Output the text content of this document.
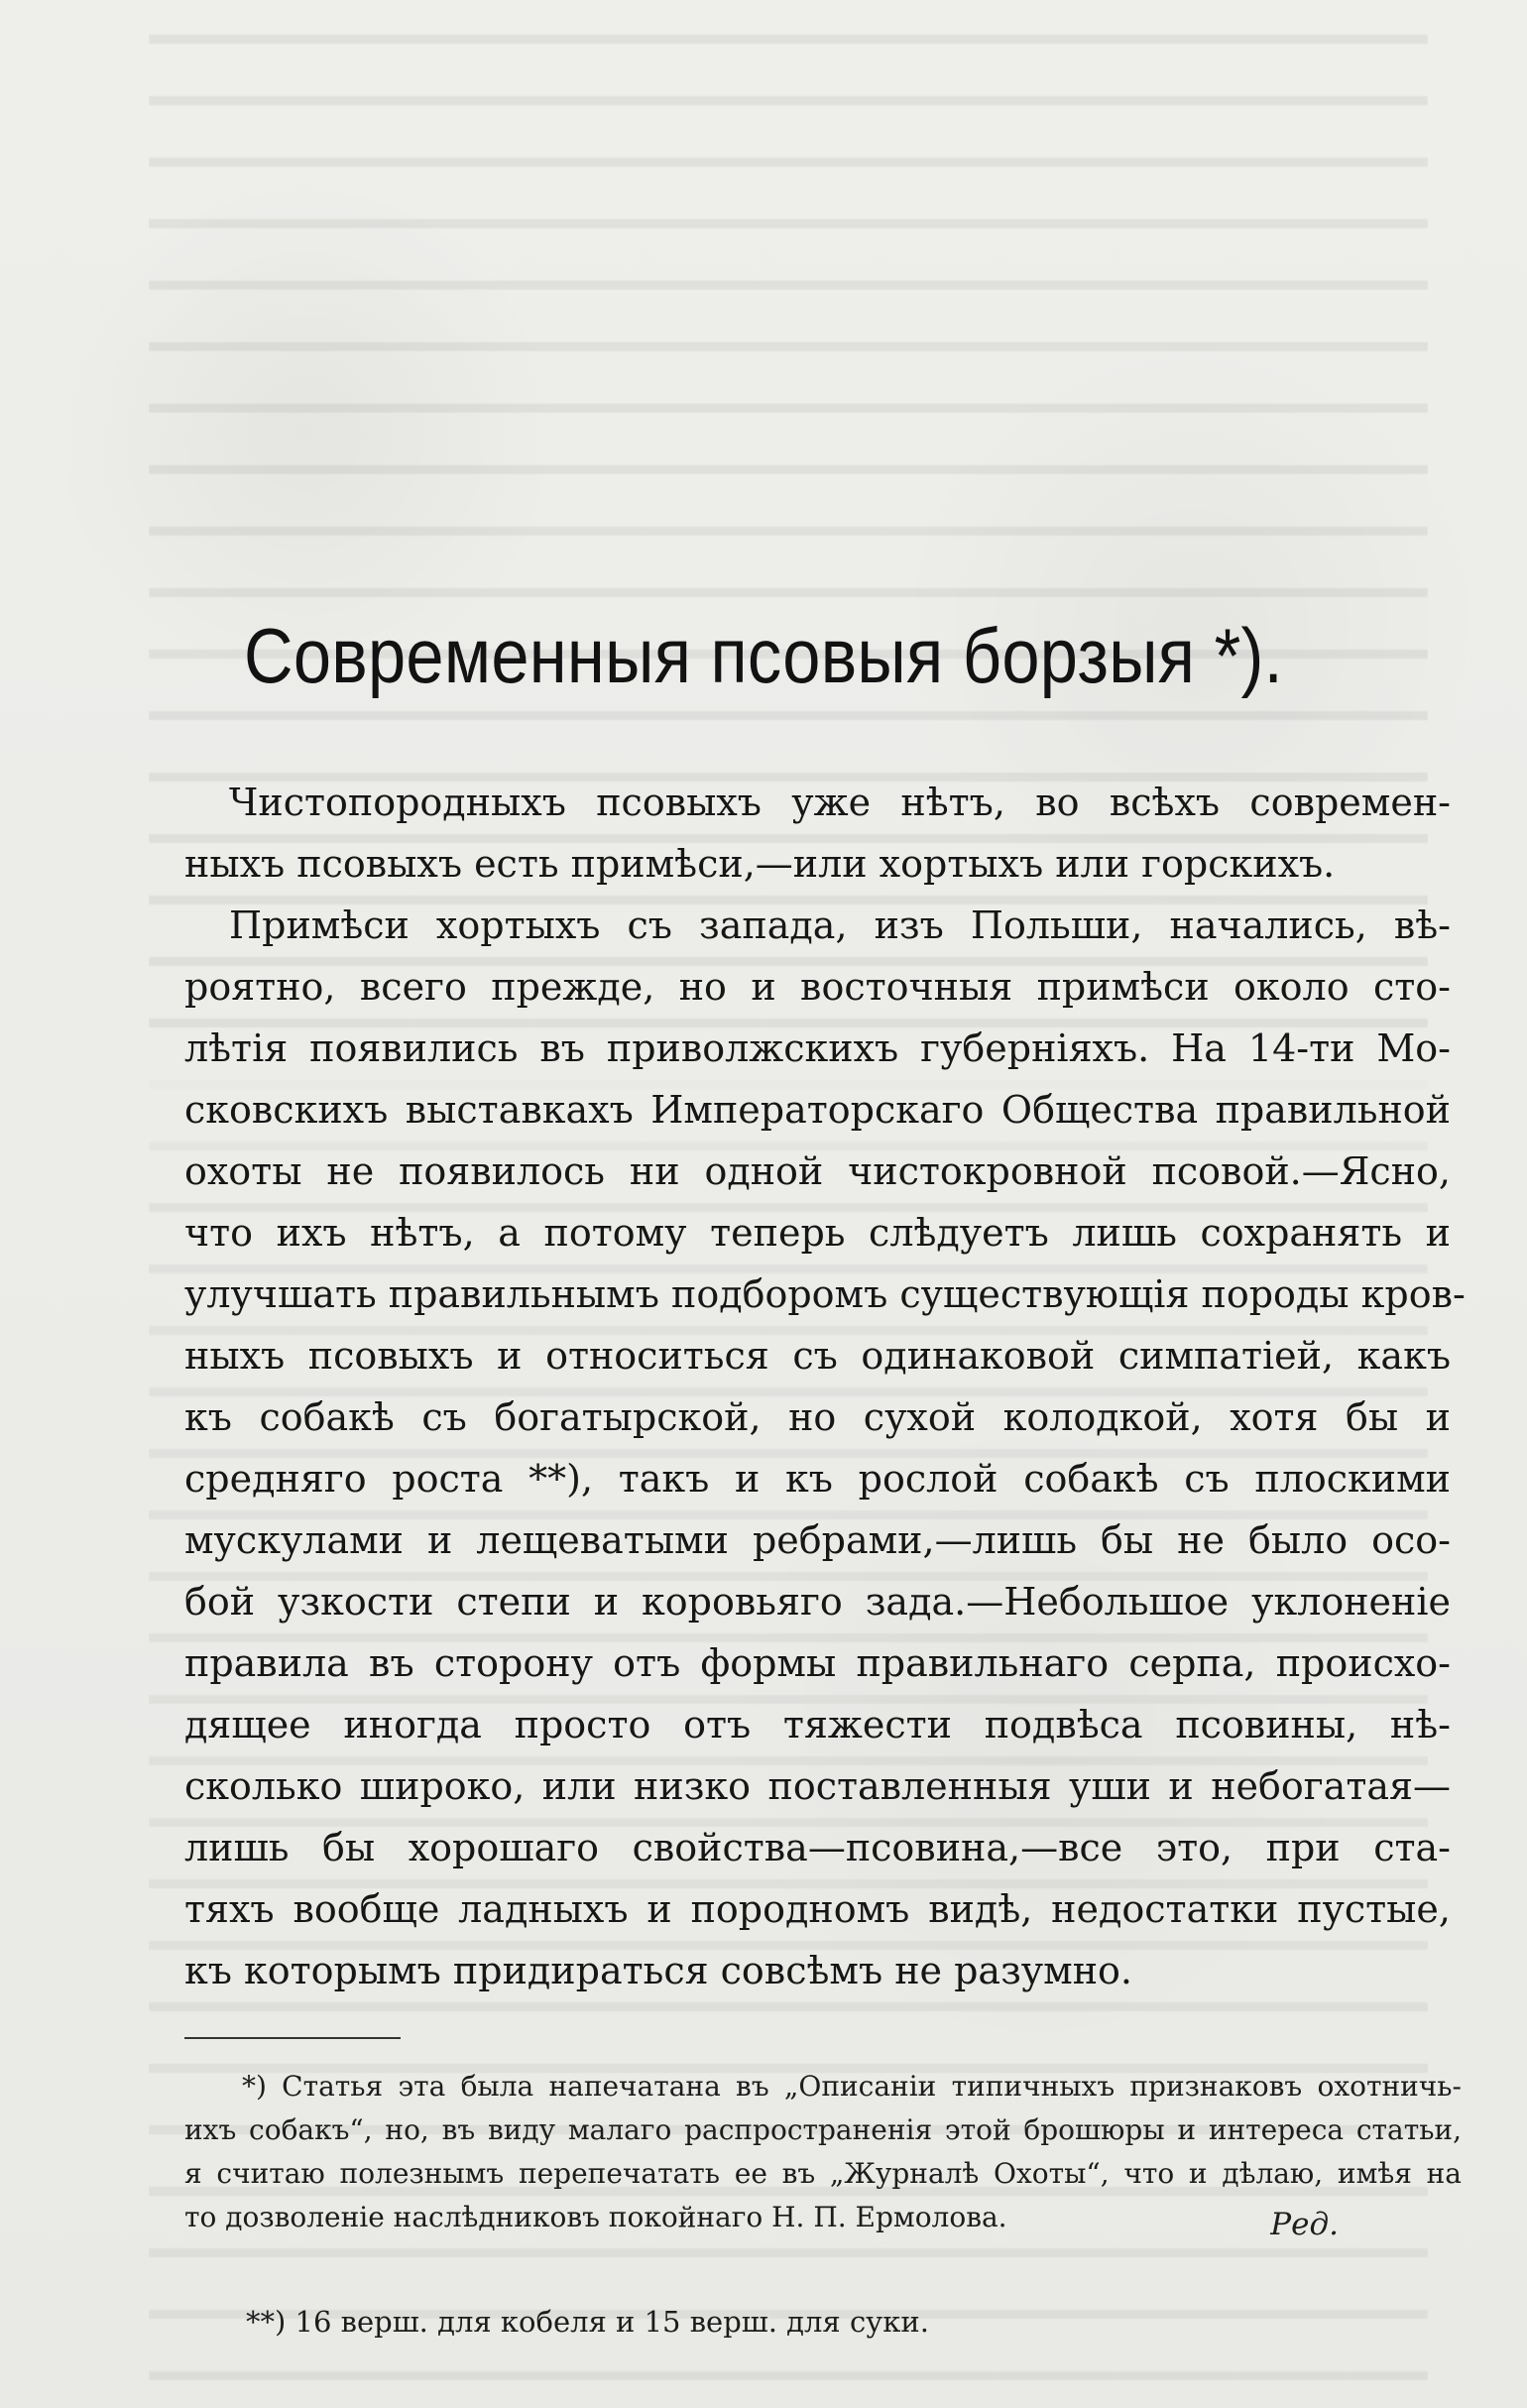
Современныя псовыя борзыя *).
Чистопородныхъ псовыхъ уже нѣтъ, во всѣхъ современ-
ныхъ псовыхъ есть примѣси,—или хортыхъ или горскихъ.
Примѣси хортыхъ съ запада, изъ Польши, начались, вѣ-
роятно, всего прежде, но и восточныя примѣси около сто-
лѣтія появились въ приволжскихъ губерніяхъ. На 14-ти Мо-
сковскихъ выставкахъ Императорскаго Общества правильной
охоты не появилось ни одной чистокровной псовой.—Ясно,
что ихъ нѣтъ, а потому теперь слѣдуетъ лишь сохранять и
улучшать правильнымъ подборомъ существующія породы кров-
ныхъ псовыхъ и относиться съ одинаковой симпатіей, какъ
къ собакѣ съ богатырской, но сухой колодкой, хотя бы и
средняго роста **), такъ и къ рослой собакѣ съ плоскими
мускулами и лещеватыми ребрами,—лишь бы не было осо-
бой узкости степи и коровьяго зада.—Небольшое уклоненіе
правила въ сторону отъ формы правильнаго серпа, происхо-
дящее иногда просто отъ тяжести подвѣса псовины, нѣ-
сколько широко, или низко поставленныя уши и небогатая—
лишь бы хорошаго свойства—псовина,—все это, при ста-
тяхъ вообще ладныхъ и породномъ видѣ, недостатки пустые,
къ которымъ придираться совсѣмъ не разумно.
*) Статья эта была напечатана въ „Описаніи типичныхъ признаковъ охотничь-
ихъ собакъ“, но, въ виду малаго распространенія этой брошюры и интереса статьи,
я считаю полезнымъ перепечатать ее въ „Журналѣ Охоты“, что и дѣлаю, имѣя на
то дозволеніе наслѣдниковъ покойнаго Н. П. Ермолова.	Ред.
**) 16 верш. для кобеля и 15 верш. для суки.
